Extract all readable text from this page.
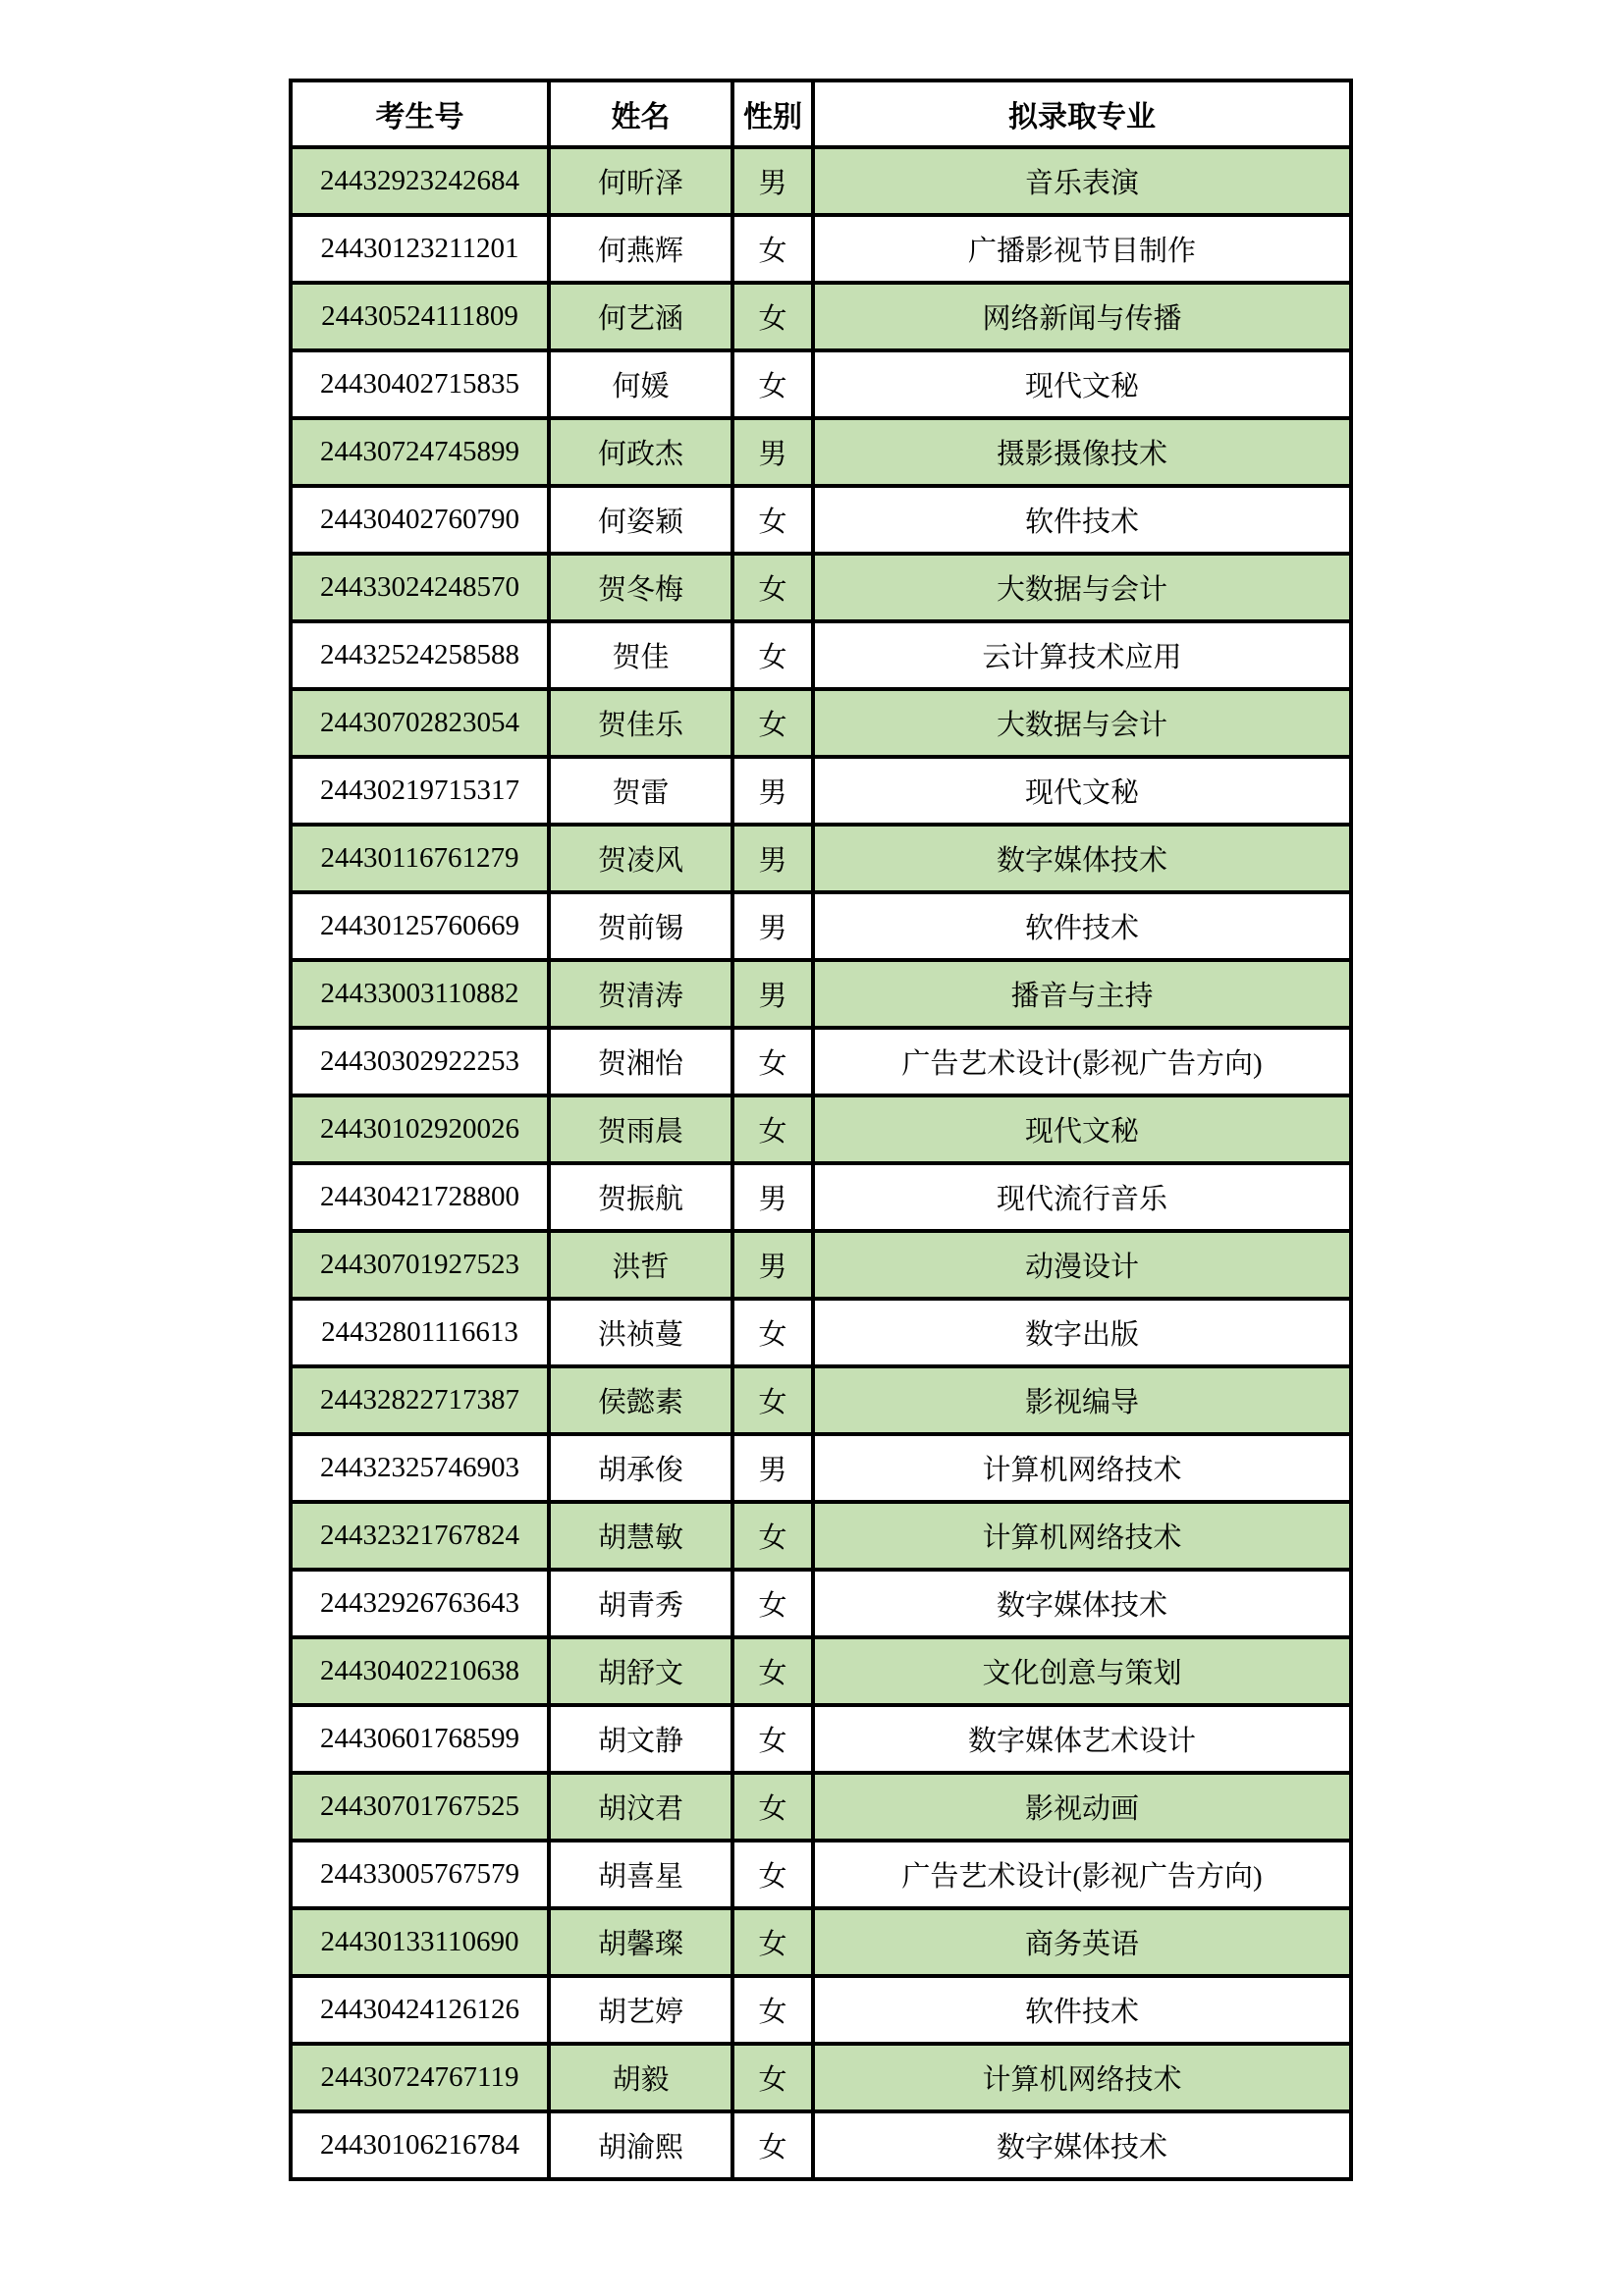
考生号	姓名	性别	拟录取专业
24432923242684	何昕泽	男	音乐表演
24430123211201	何燕辉	女	广播影视节目制作
24430524111809	何艺涵	女	网络新闻与传播
24430402715835	何媛	女	现代文秘
24430724745899	何政杰	男	摄影摄像技术
24430402760790	何姿颖	女	软件技术
24433024248570	贺冬梅	女	大数据与会计
24432524258588	贺佳	女	云计算技术应用
24430702823054	贺佳乐	女	大数据与会计
24430219715317	贺雷	男	现代文秘
24430116761279	贺凌风	男	数字媒体技术
24430125760669	贺前锡	男	软件技术
24433003110882	贺清涛	男	播音与主持
24430302922253	贺湘怡	女	广告艺术设计(影视广告方向)
24430102920026	贺雨晨	女	现代文秘
24430421728800	贺振航	男	现代流行音乐
24430701927523	洪哲	男	动漫设计
24432801116613	洪祯蔓	女	数字出版
24432822717387	侯懿素	女	影视编导
24432325746903	胡承俊	男	计算机网络技术
24432321767824	胡慧敏	女	计算机网络技术
24432926763643	胡青秀	女	数字媒体技术
24430402210638	胡舒文	女	文化创意与策划
24430601768599	胡文静	女	数字媒体艺术设计
24430701767525	胡汶君	女	影视动画
24433005767579	胡喜星	女	广告艺术设计(影视广告方向)
24430133110690	胡馨璨	女	商务英语
24430424126126	胡艺婷	女	软件技术
24430724767119	胡毅	女	计算机网络技术
24430106216784	胡渝熙	女	数字媒体技术
